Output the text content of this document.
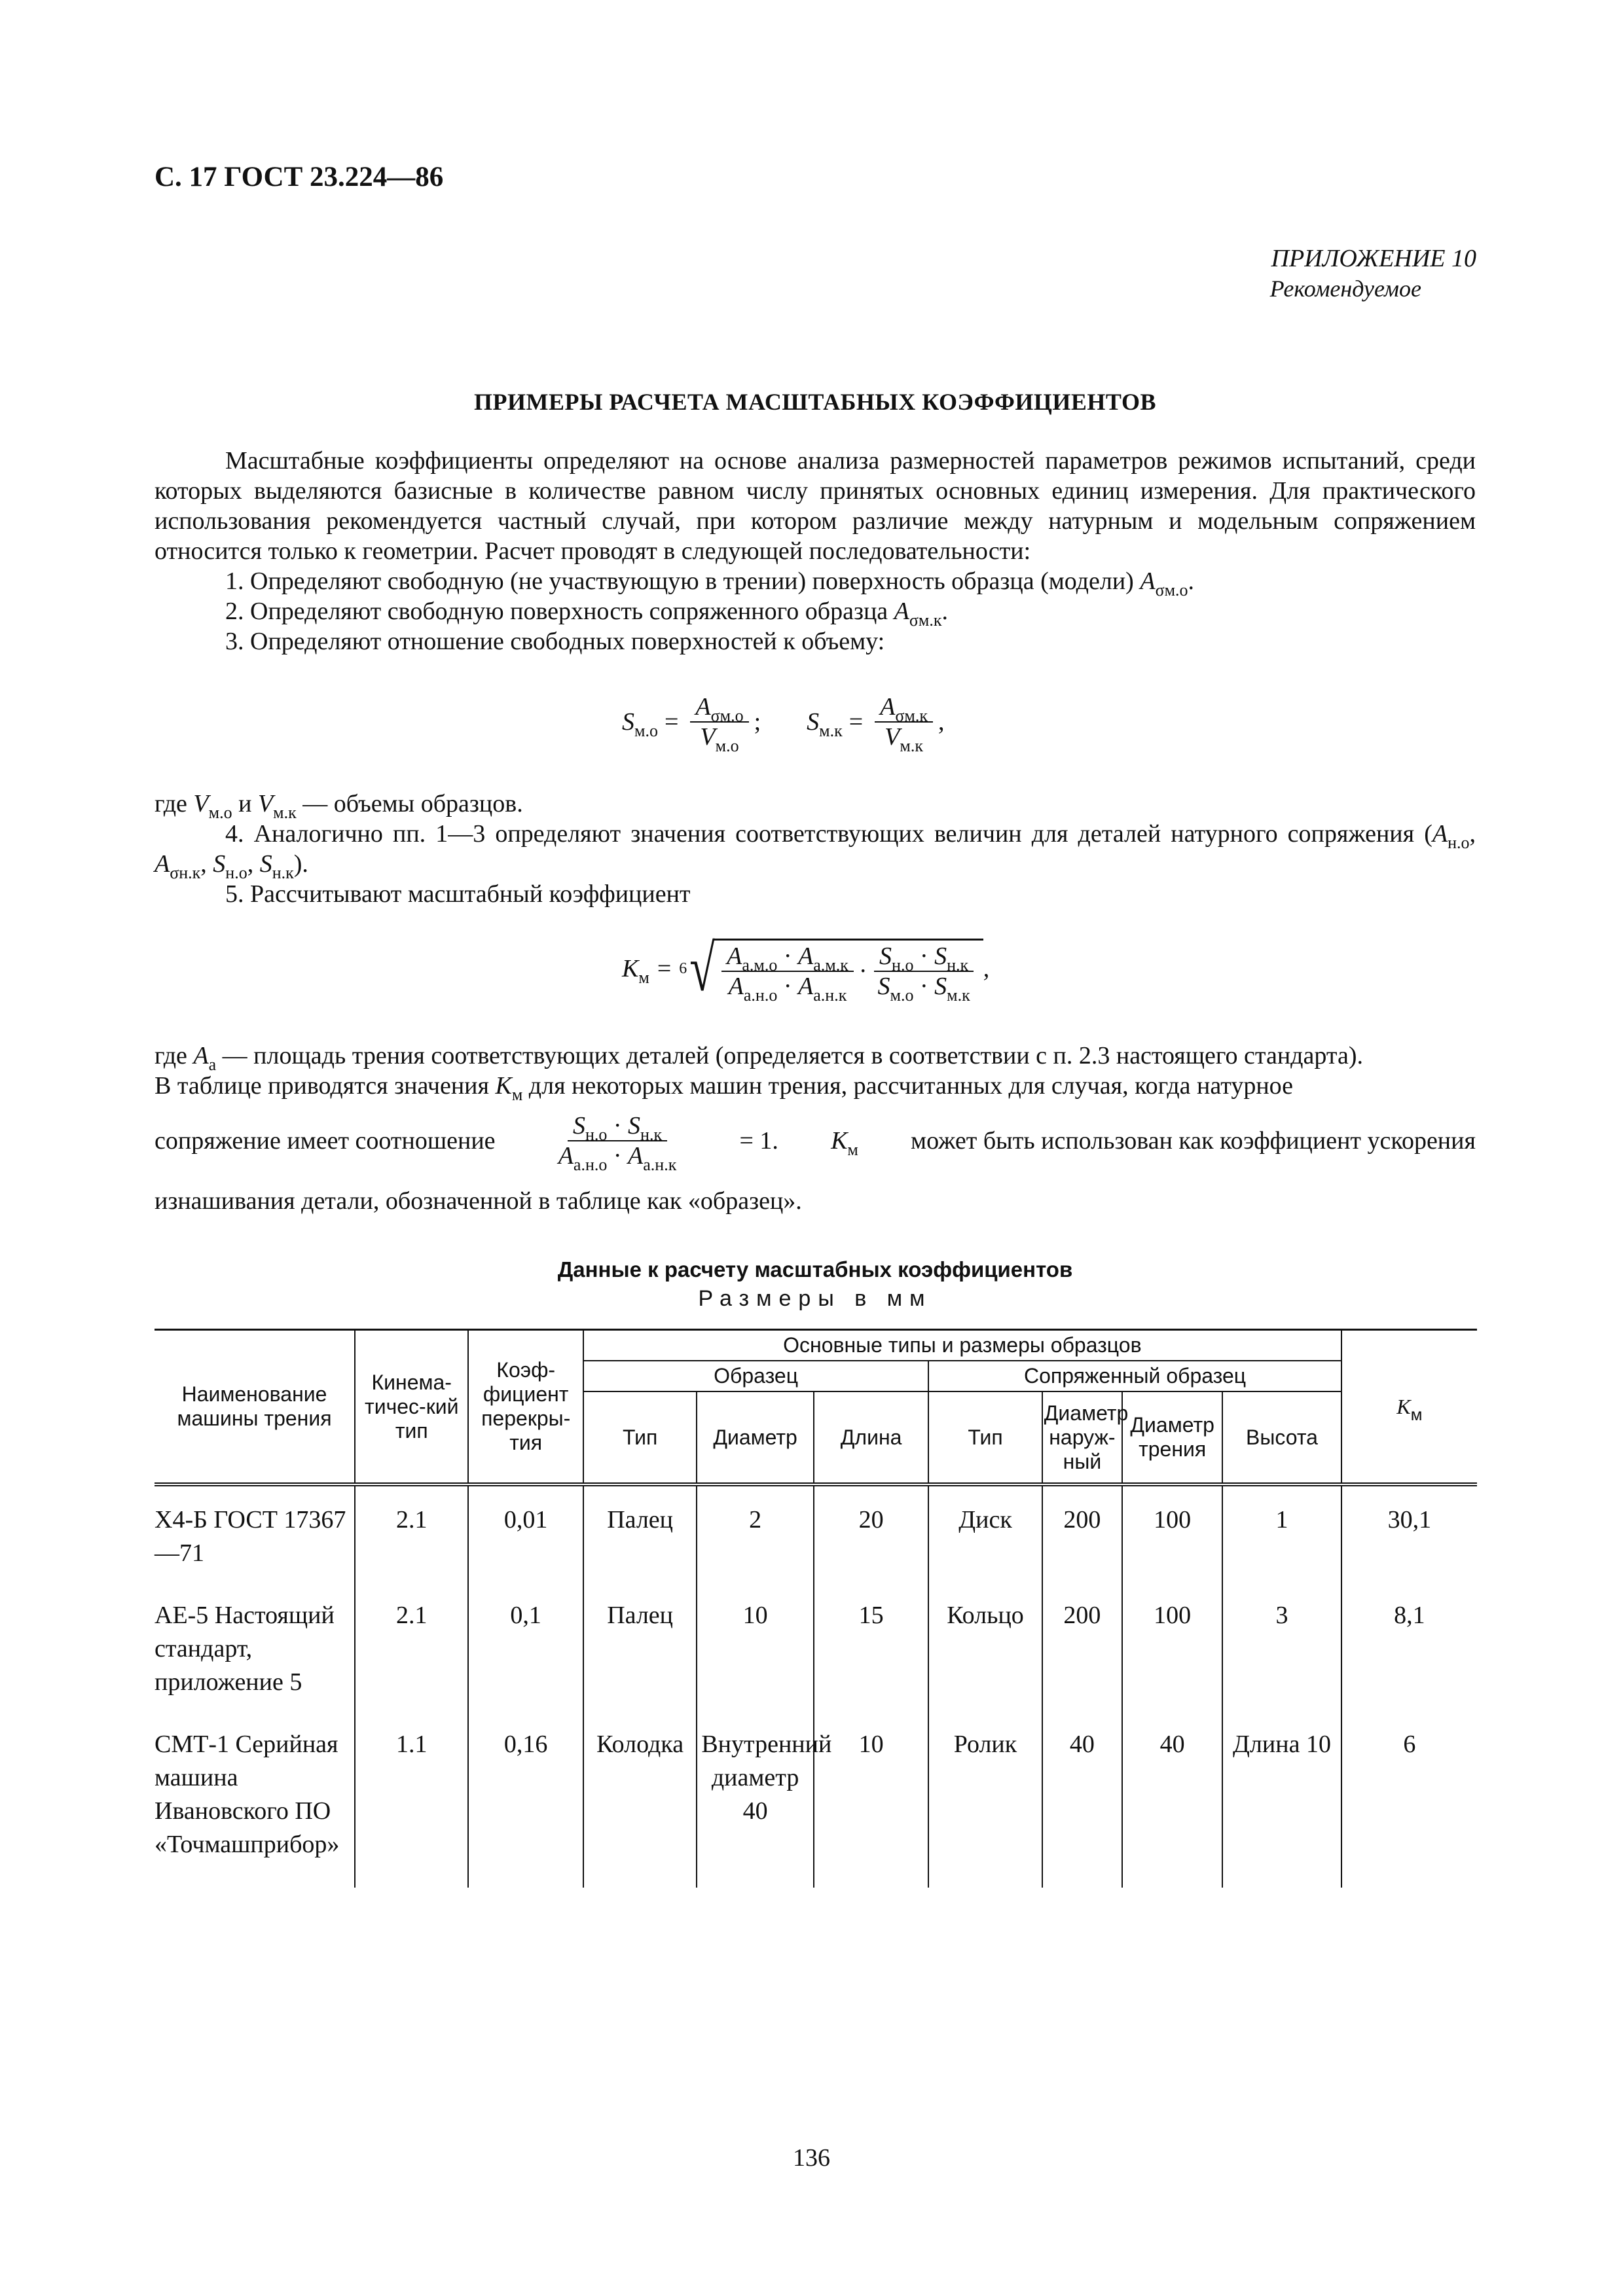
С. 17 ГОСТ 23.224—86
ПРИЛОЖЕНИЕ 10
Рекомендуемое
ПРИМЕРЫ РАСЧЕТА МАСШТАБНЫХ КОЭФФИЦИЕНТОВ
Масштабные коэффициенты определяют на основе анализа размерностей параметров режимов испытаний, среди которых выделяются базисные в количестве равном числу принятых основных единиц измерения. Для практического использования рекомендуется частный случай, при котором различие между натурным и модельным сопряжением относится только к геометрии. Расчет проводят в следующей последовательности:
1. Определяют свободную (не участвующую в трении) поверхность образца (модели) $A_{\sigma м.о}$.
2. Определяют свободную поверхность сопряженного образца $A_{\sigma м.к}$.
3. Определяют отношение свободных поверхностей к объему:
$S_{м.о} = \frac{A_{\sigma м.о}}{V_{м.о}}$ ; $S_{м.к} = \frac{A_{\sigma м.к}}{V_{м.к}}$ ,
где $V_{м.о}$ и $V_{м.к}$ — объемы образцов.
4. Аналогично пп. 1—3 определяют значения соответствующих величин для деталей натурного сопряжения ($A_{н.о}$, $A_{\sigma н.к}$, $S_{н.о}$, $S_{н.к}$).
5. Рассчитывают масштабный коэффициент
$K_м = 6$ √ $\frac{A_{а.м.о} \cdot A_{а.м.к}}{A_{а.н.о} \cdot A_{а.н.к}} \cdot \frac{S_{н.о} \cdot S_{н.к}}{S_{м.о} \cdot S_{м.к}}$ ,
где $A_а$ — площадь трения соответствующих деталей (определяется в соответствии с п. 2.3 настоящего стандарта).
В таблице приводятся значения $K_м$ для некоторых машин трения, рассчитанных для случая, когда натурное
сопряжение имеет соотношение $\frac{S_{н.о} \cdot S_{н.к}}{A_{а.н.о} \cdot A_{а.н.к}} = 1$. $K_м$ может быть использован как коэффициент ускорения
изнашивания детали, обозначенной в таблице как «образец».
Данные к расчету масштабных коэффициентов
Размеры в мм
Наименование машины трения	Кинема-тичес-кий тип	Коэф-фициент перекры-тия	Основные типы и размеры образцов							$K_м$
			Образец			Сопряженный образец				
			Тип	Диаметр	Длина	Тип	Диаметр наруж-ный	Диаметр трения	Высота	
Х4-Б ГОСТ 17367—71	2.1	0,01	Палец	2	20	Диск	200	100	1	30,1
АЕ-5 Настоящий стандарт, приложение 5	2.1	0,1	Палец	10	15	Кольцо	200	100	3	8,1
СМТ-1 Серийная машина Ивановского ПО «Точмашприбор»	1.1	0,16	Колодка	Внутренний диаметр 40	10	Ролик	40	40	Длина 10	6
136
